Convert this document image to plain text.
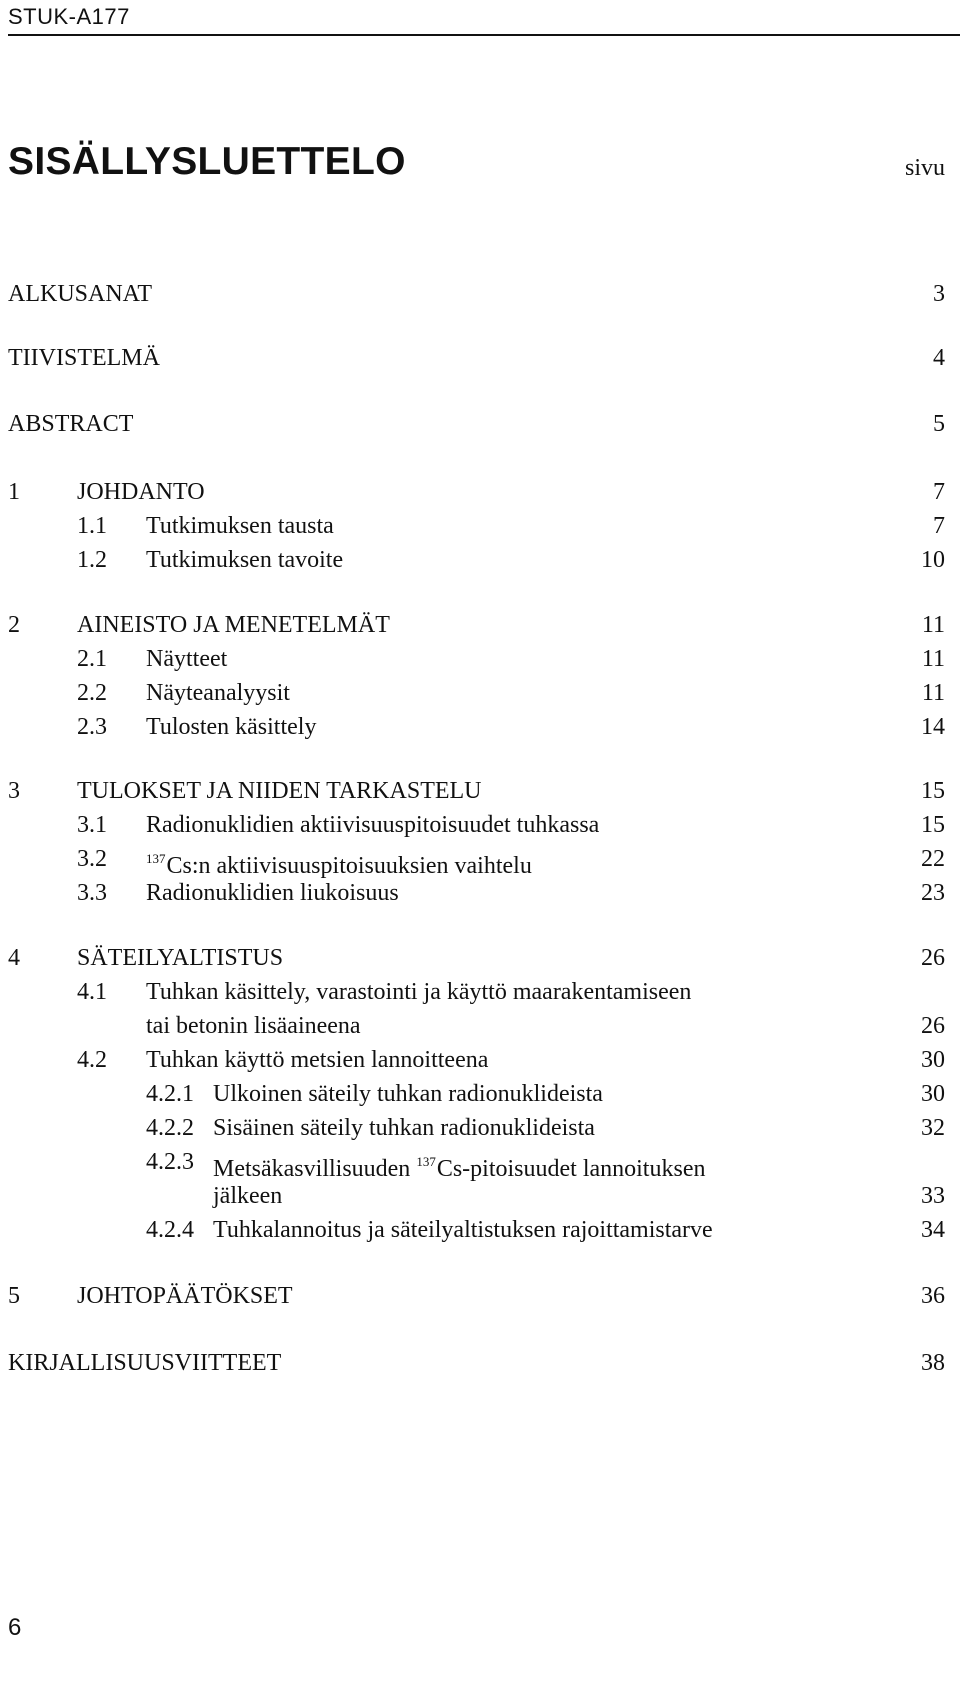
STUK-A177
SISÄLLYSLUETTELO	sivu
ALKUSANAT	3
TIIVISTELMÄ	4
ABSTRACT	5
1 JOHDANTO	7
1.1 Tutkimuksen tausta	7
1.2 Tutkimuksen tavoite	10
2 AINEISTO JA MENETELMÄT	11
2.1 Näytteet	11
2.2 Näyteanalyysit	11
2.3 Tulosten käsittely	14
3 TULOKSET JA NIIDEN TARKASTELU	15
3.1 Radionuklidien aktiivisuuspitoisuudet tuhkassa	15
3.2	$^{137}$Cs:n aktiivisuuspitoisuuksien vaihtelu	22
3.3 Radionuklidien liukoisuus	23
4 SÄTEILYALTISTUS	26
4.1 Tuhkan käsittely, varastointi ja käyttö maarakentamiseen
tai betonin lisäaineena	26
4.2 Tuhkan käyttö metsien lannoitteena	30
4.2.1 Ulkoinen säteily tuhkan radionuklideista	30
4.2.2 Sisäinen säteily tuhkan radionuklideista	32
4.2.3 Metsäkasvillisuuden $^{137}$Cs-pitoisuudet lannoituksen
jälkeen	33
4.2.4 Tuhkalannoitus ja säteilyaltistuksen rajoittamistarve	34
5 JOHTOPÄÄTÖKSET	36
KIRJALLISUUSVIITTEET	38
6
